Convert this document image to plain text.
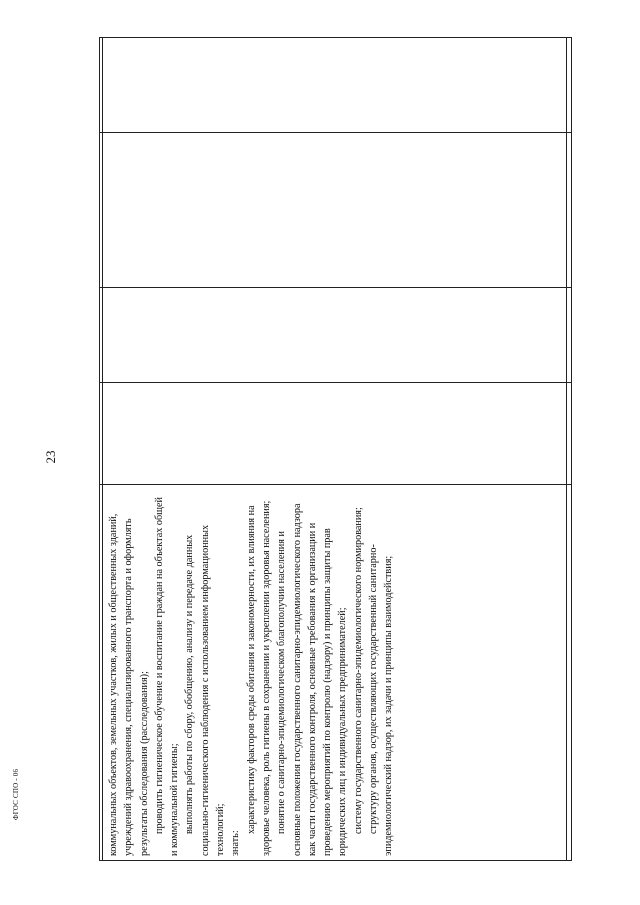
23

коммунальных объектов, земельных участков, жилых и общественных зданий, учреждений здравоохранения, специализированного транспорта и оформлять результаты обследования (расследования); проводить гигиеническое обучение и воспитание граждан на объектах общей и коммунальной гигиены; выполнять работы по сбору, обобщению, анализу и передаче данных социально-гигиенического наблюдения с использованием информационных технологий; знать:

характеристику факторов среды обитания и закономерности, их влияния на здоровье человека, роль гигиены в сохранении и укреплении здоровья населения; понятие о санитарно-эпидемиологическом благополучии населения и основные положения государственного санитарно-эпидемиологического надзора как части государственного контроля, основные требования к организации и проведению мероприятий по контролю (надзору) и принципы защиты прав юридических лиц и индивидуальных предпринимателей; систему государственного санитарно-эпидемиологического нормирования; структуру органов, осуществляющих государственный санитарно-эпидемиологический надзор, их задачи и принципы взаимодействия;

ФГОС СПО - 06
